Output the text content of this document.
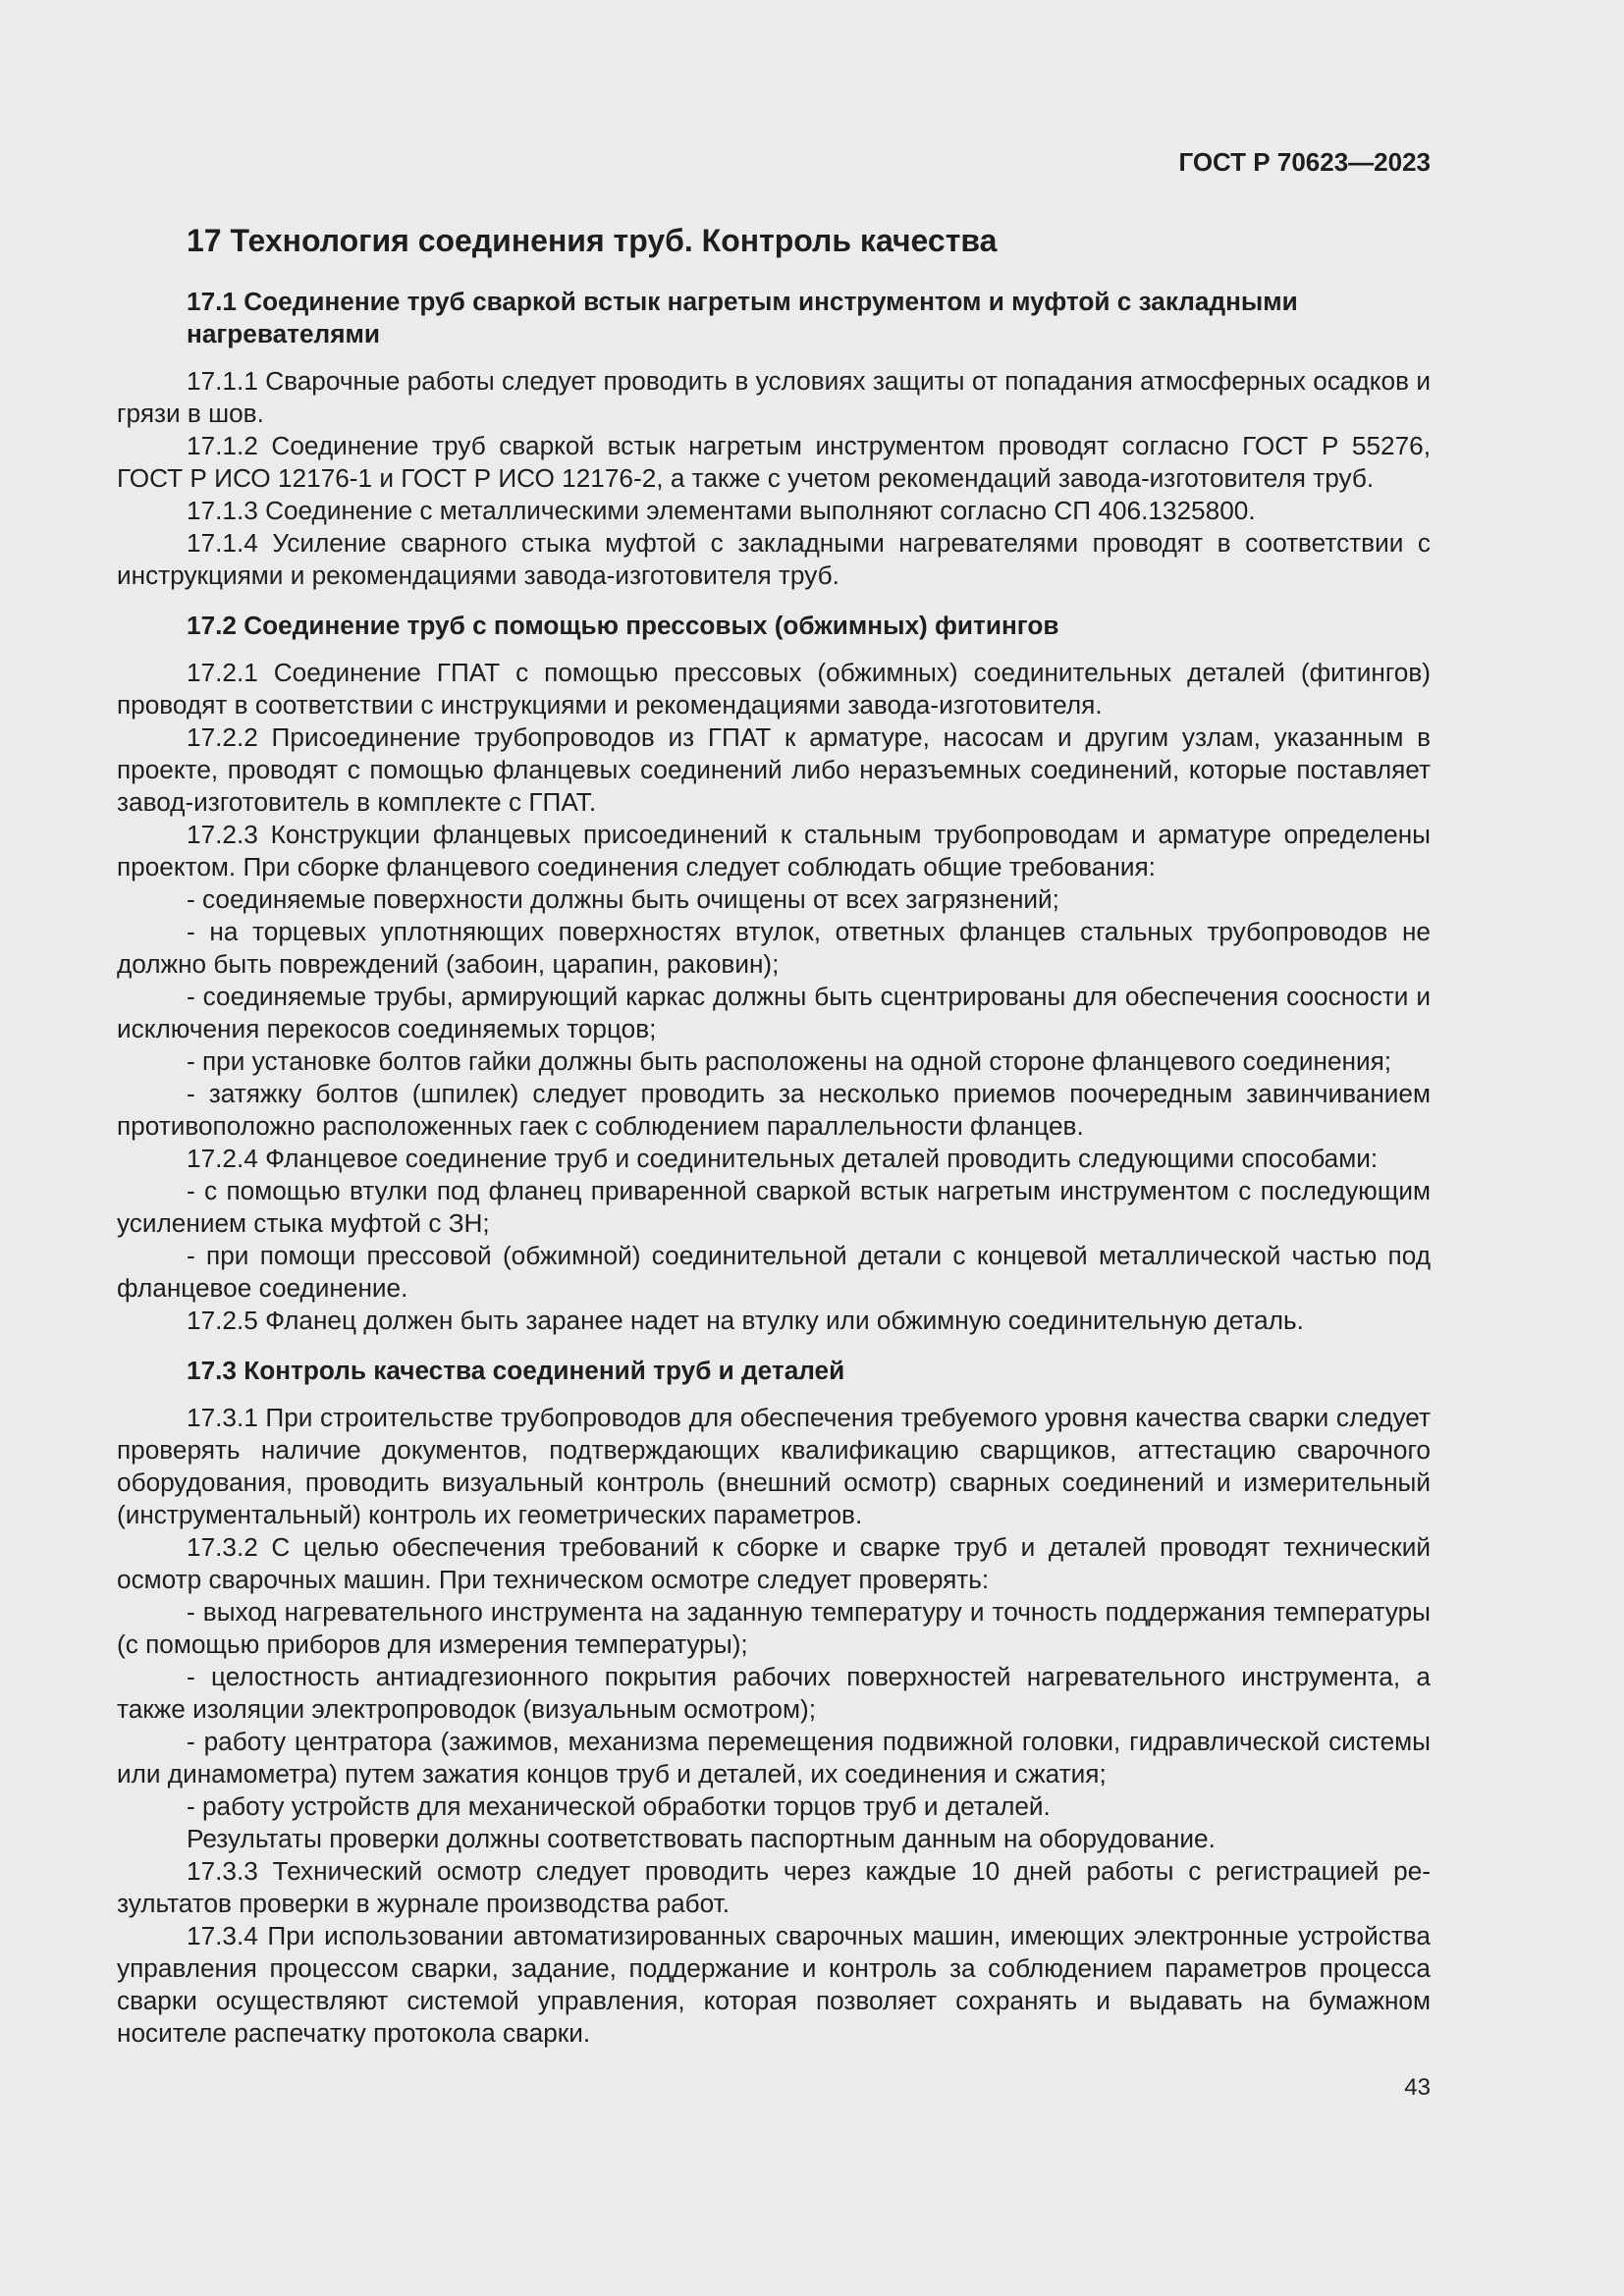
ГОСТ Р 70623—2023
17 Технология соединения труб. Контроль качества
17.1 Соединение труб сваркой встык нагретым инструментом и муфтой с закладными нагревателями

17.1.1 Сварочные работы следует проводить в условиях защиты от попадания атмосферных осадков и грязи в шов.

17.1.2 Соединение труб сваркой встык нагретым инструментом проводят согласно ГОСТ Р 55276, ГОСТ Р ИСО 12176-1 и ГОСТ Р ИСО 12176-2, а также с учетом рекомендаций завода-изготовителя труб.

17.1.3 Соединение с металлическими элементами выполняют согласно СП 406.1325800.

17.1.4 Усиление сварного стыка муфтой с закладными нагревателями проводят в соответствии с инструкциями и рекомендациями завода-изготовителя труб.

17.2 Соединение труб с помощью прессовых (обжимных) фитингов

17.2.1 Соединение ГПАТ с помощью прессовых (обжимных) соединительных деталей (фитингов) проводят в соответствии с инструкциями и рекомендациями завода-изготовителя.

17.2.2 Присоединение трубопроводов из ГПАТ к арматуре, насосам и другим узлам, указанным в проекте, проводят с помощью фланцевых соединений либо неразъемных соединений, которые поставляет завод-изготовитель в комплекте с ГПАТ.

17.2.3 Конструкции фланцевых присоединений к стальным трубопроводам и арматуре определены проектом. При сборке фланцевого соединения следует соблюдать общие требования:

- соединяемые поверхности должны быть очищены от всех загрязнений;

- на торцевых уплотняющих поверхностях втулок, ответных фланцев стальных трубопроводов не должно быть повреждений (забоин, царапин, раковин);

- соединяемые трубы, армирующий каркас должны быть сцентрированы для обеспечения соосности и исключения перекосов соединяемых торцов;

- при установке болтов гайки должны быть расположены на одной стороне фланцевого соединения;

- затяжку болтов (шпилек) следует проводить за несколько приемов поочередным завинчиванием противоположно расположенных гаек с соблюдением параллельности фланцев.

17.2.4 Фланцевое соединение труб и соединительных деталей проводить следующими способами:

- с помощью втулки под фланец приваренной сваркой встык нагретым инструментом с последующим усилением стыка муфтой с ЗН;

- при помощи прессовой (обжимной) соединительной детали с концевой металлической частью под фланцевое соединение.

17.2.5 Фланец должен быть заранее надет на втулку или обжимную соединительную деталь.

17.3 Контроль качества соединений труб и деталей

17.3.1 При строительстве трубопроводов для обеспечения требуемого уровня качества сварки следует проверять наличие документов, подтверждающих квалификацию сварщиков, аттестацию сварочного оборудования, проводить визуальный контроль (внешний осмотр) сварных соединений и измерительный (инструментальный) контроль их геометрических параметров.

17.3.2 С целью обеспечения требований к сборке и сварке труб и деталей проводят технический осмотр сварочных машин. При техническом осмотре следует проверять:

- выход нагревательного инструмента на заданную температуру и точность поддержания температуры (с помощью приборов для измерения температуры);

- целостность антиадгезионного покрытия рабочих поверхностей нагревательного инструмента, а также изоляции электропроводок (визуальным осмотром);

- работу центратора (зажимов, механизма перемещения подвижной головки, гидравлической системы или динамометра) путем зажатия концов труб и деталей, их соединения и сжатия;

- работу устройств для механической обработки торцов труб и деталей.

Результаты проверки должны соответствовать паспортным данным на оборудование.

17.3.3 Технический осмотр следует проводить через каждые 10 дней работы с регистрацией результатов проверки в журнале производства работ.

17.3.4 При использовании автоматизированных сварочных машин, имеющих электронные устройства управления процессом сварки, задание, поддержание и контроль за соблюдением параметров процесса сварки осуществляют системой управления, которая позволяет сохранять и выдавать на бумажном носителе распечатку протокола сварки.

43
